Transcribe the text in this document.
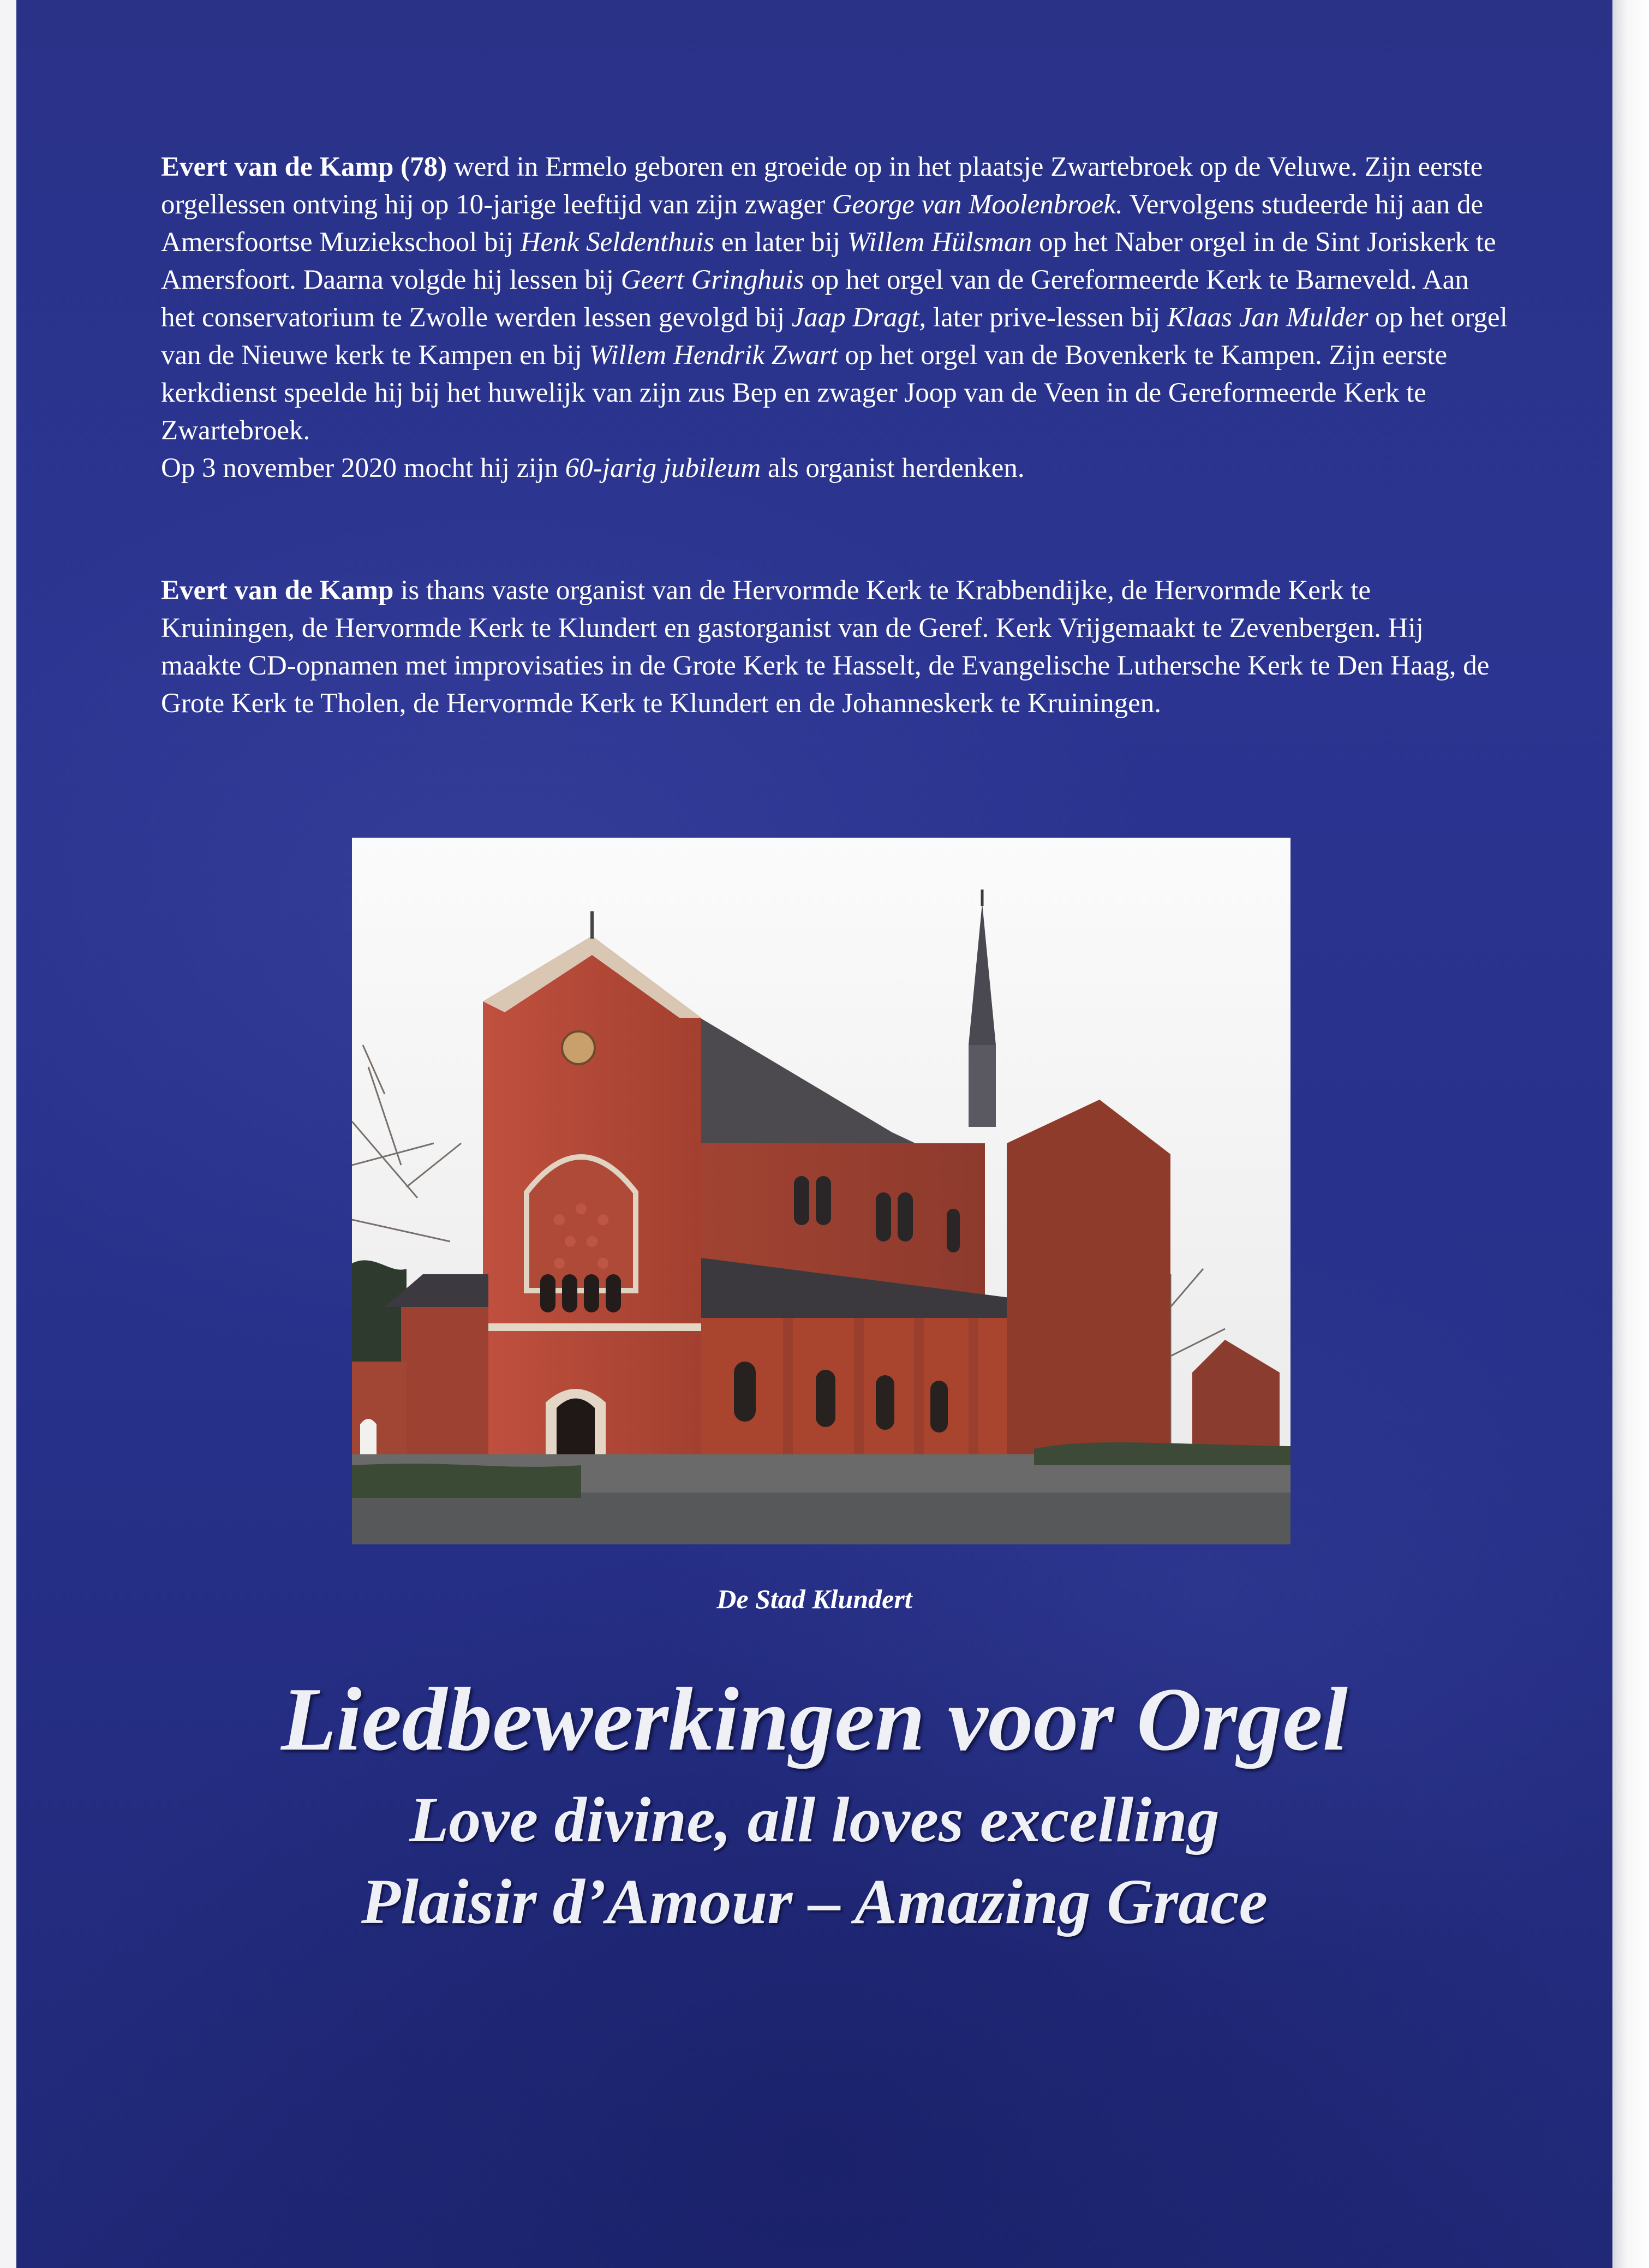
Evert van de Kamp (78) werd in Ermelo geboren en groeide op in het plaatsje Zwartebroek op de Veluwe. Zijn eerste orgellessen ontving hij op 10-jarige leeftijd van zijn zwager George van Moolenbroek. Vervolgens studeerde hij aan de Amersfoortse Muziekschool bij Henk Seldenthuis en later bij Willem Hülsman op het Naber orgel in de Sint Joriskerk te Amersfoort. Daarna volgde hij lessen bij Geert Gringhuis op het orgel van de Gereformeerde Kerk te Barneveld. Aan het conservatorium te Zwolle werden lessen gevolgd bij Jaap Dragt, later prive-lessen bij Klaas Jan Mulder op het orgel van de Nieuwe kerk te Kampen en bij Willem Hendrik Zwart op het orgel van de Bovenkerk te Kampen. Zijn eerste kerkdienst speelde hij bij het huwelijk van zijn zus Bep en zwager Joop van de Veen in de Gereformeerde Kerk te Zwartebroek.
Op 3 november 2020 mocht hij zijn 60-jarig jubileum als organist herdenken.

Evert van de Kamp is thans vaste organist van de Hervormde Kerk te Krabbendijke, de Hervormde Kerk te Kruiningen, de Hervormde Kerk te Klundert en gastorganist van de Geref. Kerk Vrijgemaakt te Zevenbergen. Hij maakte CD-opnamen met improvisaties in de Grote Kerk te Hasselt, de Evangelische Luthersche Kerk te Den Haag, de Grote Kerk te Tholen, de Hervormde Kerk te Klundert en de Johanneskerk te Kruiningen.

De Stad Klundert
Liedbewerkingen voor Orgel
Love divine, all loves excelling
Plaisir d’Amour – Amazing Grace
